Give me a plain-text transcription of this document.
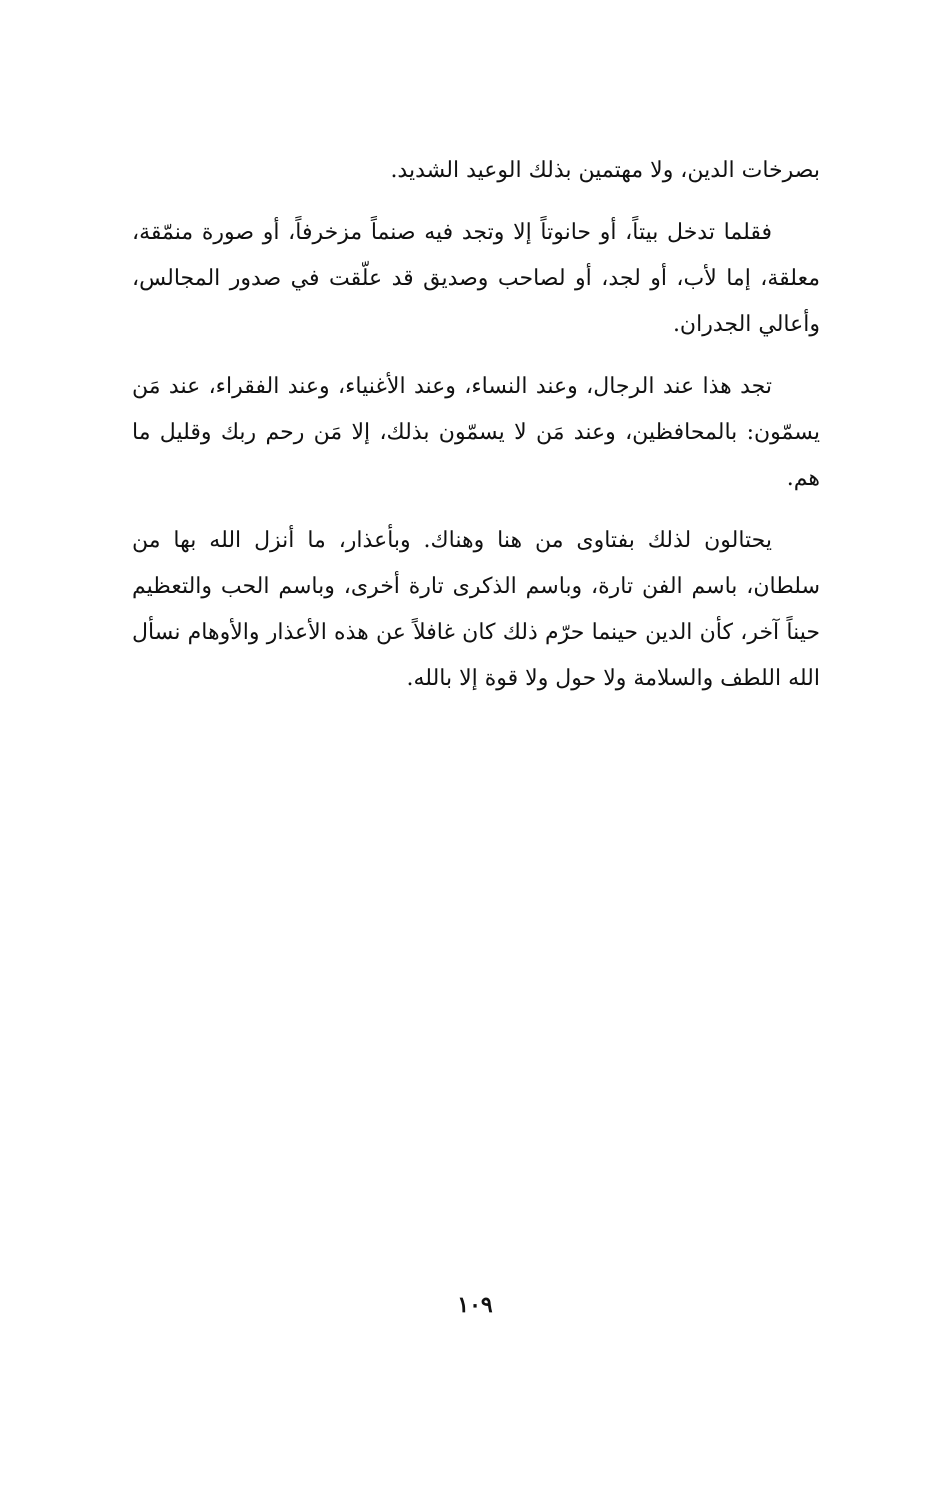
بصرخات الدين، ولا مهتمين بذلك الوعيد الشديد.

فقلما تدخل بيتاً، أو حانوتاً إلا وتجد فيه صنماً مزخرفاً، أو صورة منمّقة، معلقة، إما لأب، أو لجد، أو لصاحب وصديق قد علّقت في صدور المجالس، وأعالي الجدران.

تجد هذا عند الرجال، وعند النساء، وعند الأغنياء، وعند الفقراء، عند مَن يسمّون: بالمحافظين، وعند مَن لا يسمّون بذلك، إلا مَن رحم ربك وقليل ما هم.

يحتالون لذلك بفتاوى من هنا وهناك. وبأعذار، ما أنزل الله بها من سلطان، باسم الفن تارة، وباسم الذكرى تارة أخرى، وباسم الحب والتعظيم حيناً آخر، كأن الدين حينما حرّم ذلك كان غافلاً عن هذه الأعذار والأوهام نسأل الله اللطف والسلامة ولا حول ولا قوة إلا بالله.

١٠٩
